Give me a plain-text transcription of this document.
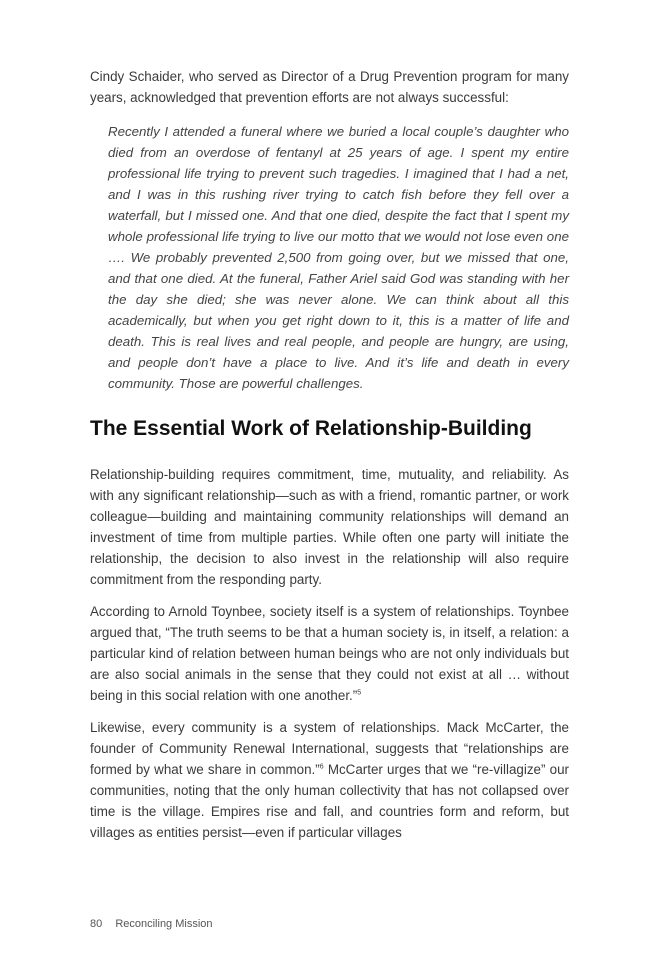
Cindy Schaider, who served as Director of a Drug Prevention program for many years, acknowledged that prevention efforts are not always successful:

Recently I attended a funeral where we buried a local couple’s daughter who died from an overdose of fentanyl at 25 years of age. I spent my entire professional life trying to prevent such tragedies. I imagined that I had a net, and I was in this rushing river trying to catch fish before they fell over a waterfall, but I missed one. And that one died, despite the fact that I spent my whole professional life trying to live our motto that we would not lose even one …. We probably prevented 2,500 from going over, but we missed that one, and that one died. At the funeral, Father Ariel said God was standing with her the day she died; she was never alone. We can think about all this academically, but when you get right down to it, this is a matter of life and death. This is real lives and real people, and people are hungry, are using, and people don’t have a place to live. And it’s life and death in every community. Those are powerful challenges.
The Essential Work of Relationship-Building

Relationship-building requires commitment, time, mutuality, and reliability. As with any significant relationship—such as with a friend, romantic partner, or work colleague—building and maintaining community relationships will demand an investment of time from multiple parties. While often one party will initiate the relationship, the decision to also invest in the relationship will also require commitment from the responding party.

According to Arnold Toynbee, society itself is a system of relationships. Toynbee argued that, “The truth seems to be that a human society is, in itself, a relation: a particular kind of relation between human beings who are not only individuals but are also social animals in the sense that they could not exist at all … without being in this social relation with one another.”$^5$

Likewise, every community is a system of relationships. Mack McCarter, the founder of Community Renewal International, suggests that “relationships are formed by what we share in common.”$^6$ McCarter urges that we “re-villagize” our communities, noting that the only human collectivity that has not collapsed over time is the village. Empires rise and fall, and countries form and reform, but villages as entities persist—even if particular villages

80 Reconciling Mission
